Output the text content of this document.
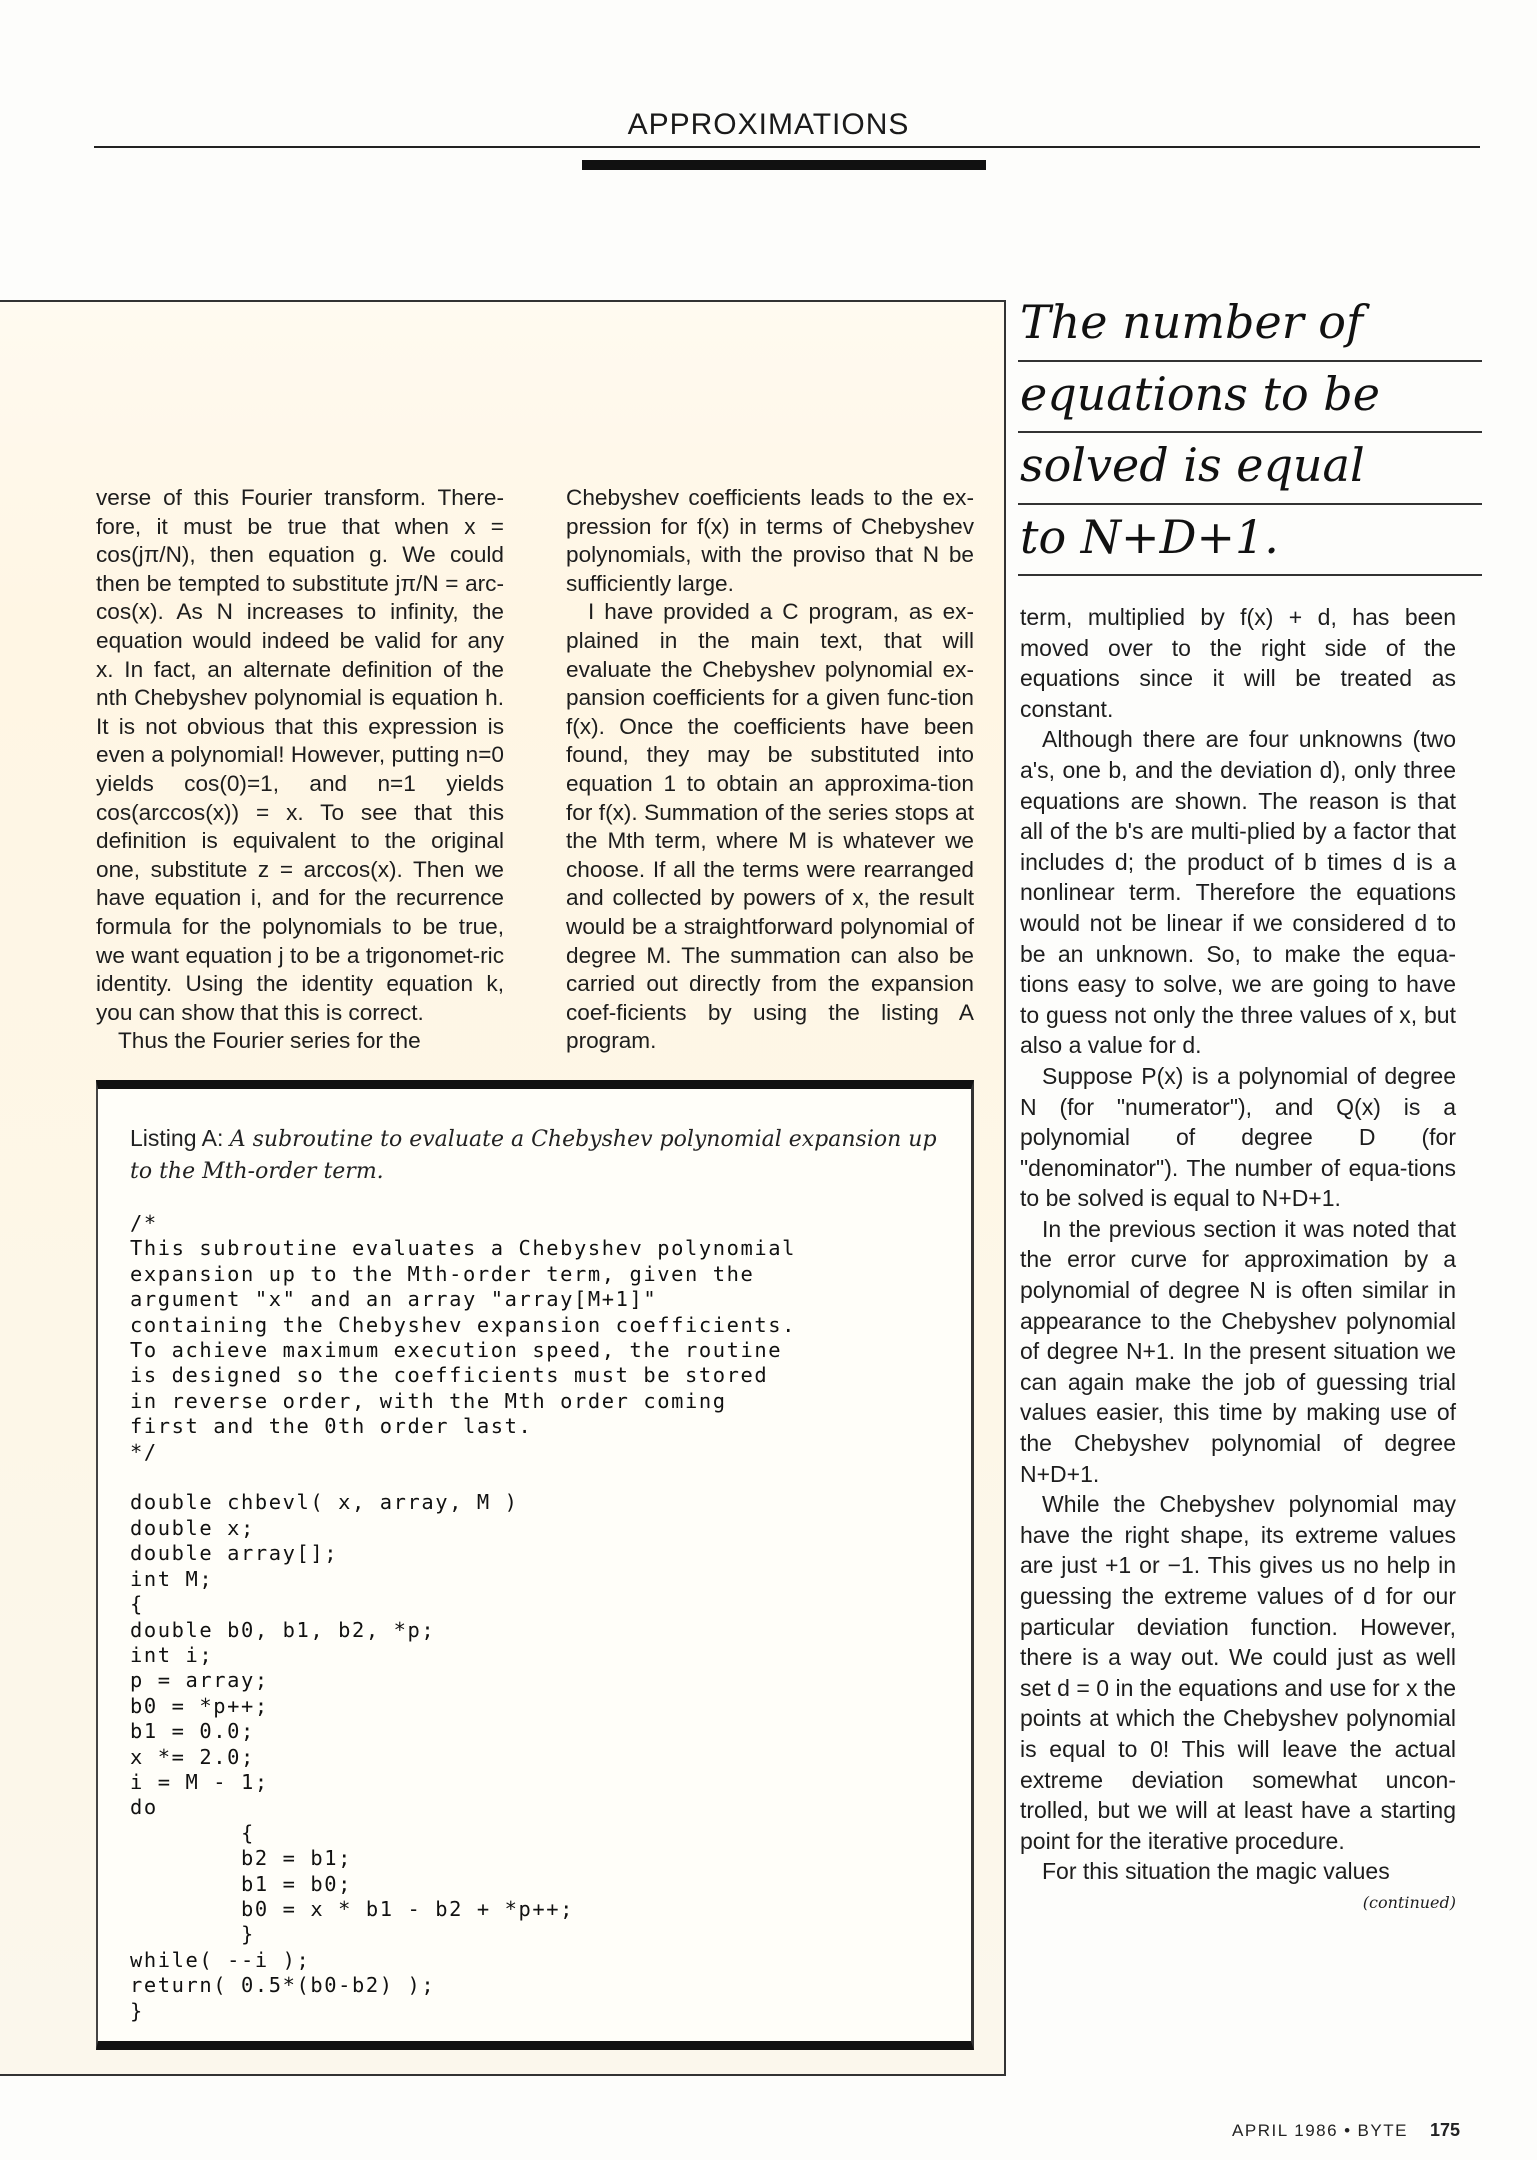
APPROXIMATIONS

verse of this Fourier transform. There-fore, it must be true that when x = cos(jπ/N), then equation g. We could then be tempted to substitute jπ/N = arc-cos(x). As N increases to infinity, the equation would indeed be valid for any x. In fact, an alternate definition of the nth Chebyshev polynomial is equation h. It is not obvious that this expression is even a polynomial! However, putting n=0 yields cos(0)=1, and n=1 yields cos(arccos(x)) = x. To see that this definition is equivalent to the original one, substitute z = arccos(x). Then we have equation i, and for the recurrence formula for the polynomials to be true, we want equation j to be a trigonomet-ric identity. Using the identity equation k, you can show that this is correct.

Thus the Fourier series for the

Chebyshev coefficients leads to the ex-pression for f(x) in terms of Chebyshev polynomials, with the proviso that N be sufficiently large.

I have provided a C program, as ex-plained in the main text, that will evaluate the Chebyshev polynomial ex-pansion coefficients for a given func-tion f(x). Once the coefficients have been found, they may be substituted into equation 1 to obtain an approxima-tion for f(x). Summation of the series stops at the Mth term, where M is whatever we choose. If all the terms were rearranged and collected by powers of x, the result would be a straightforward polynomial of degree M. The summation can also be carried out directly from the expansion coef-ficients by using the listing A program.

Listing A: A subroutine to evaluate a Chebyshev polynomial expansion up to the Mth-order term.
/*
This subroutine evaluates a Chebyshev polynomial
expansion up to the Mth-order term, given the
argument "x" and an array "array[M+1]"
containing the Chebyshev expansion coefficients.
To achieve maximum execution speed, the routine
is designed so the coefficients must be stored
in reverse order, with the Mth order coming
first and the 0th order last.
*/

double chbevl( x, array, M )
double x;
double array[];
int M;
{
double b0, b1, b2, *p;
int i;
p = array;
b0 = *p++;
b1 = 0.0;
x *= 2.0;
i = M - 1;
do
{
b2 = b1;
b1 = b0;
b0 = x * b1 - b2 + *p++;
}
while( --i );
return( 0.5*(b0-b2) );
}
The number of
equations to be
solved is equal
to N+D+1.

term, multiplied by f(x) + d, has been moved over to the right side of the equations since it will be treated as constant.

Although there are four unknowns (two a's, one b, and the deviation d), only three equations are shown. The reason is that all of the b's are multi-plied by a factor that includes d; the product of b times d is a nonlinear term. Therefore the equations would not be linear if we considered d to be an unknown. So, to make the equa-tions easy to solve, we are going to have to guess not only the three values of x, but also a value for d.

Suppose P(x) is a polynomial of degree N (for "numerator"), and Q(x) is a polynomial of degree D (for "denominator"). The number of equa-tions to be solved is equal to N+D+1.

In the previous section it was noted that the error curve for approximation by a polynomial of degree N is often similar in appearance to the Chebyshev polynomial of degree N+1. In the present situation we can again make the job of guessing trial values easier, this time by making use of the Chebyshev polynomial of degree N+D+1.

While the Chebyshev polynomial may have the right shape, its extreme values are just +1 or −1. This gives us no help in guessing the extreme values of d for our particular deviation function. However, there is a way out. We could just as well set d = 0 in the equations and use for x the points at which the Chebyshev polynomial is equal to 0! This will leave the actual extreme deviation somewhat uncon-trolled, but we will at least have a starting point for the iterative procedure.

For this situation the magic values

(continued)

APRIL 1986 • BYTE 175
